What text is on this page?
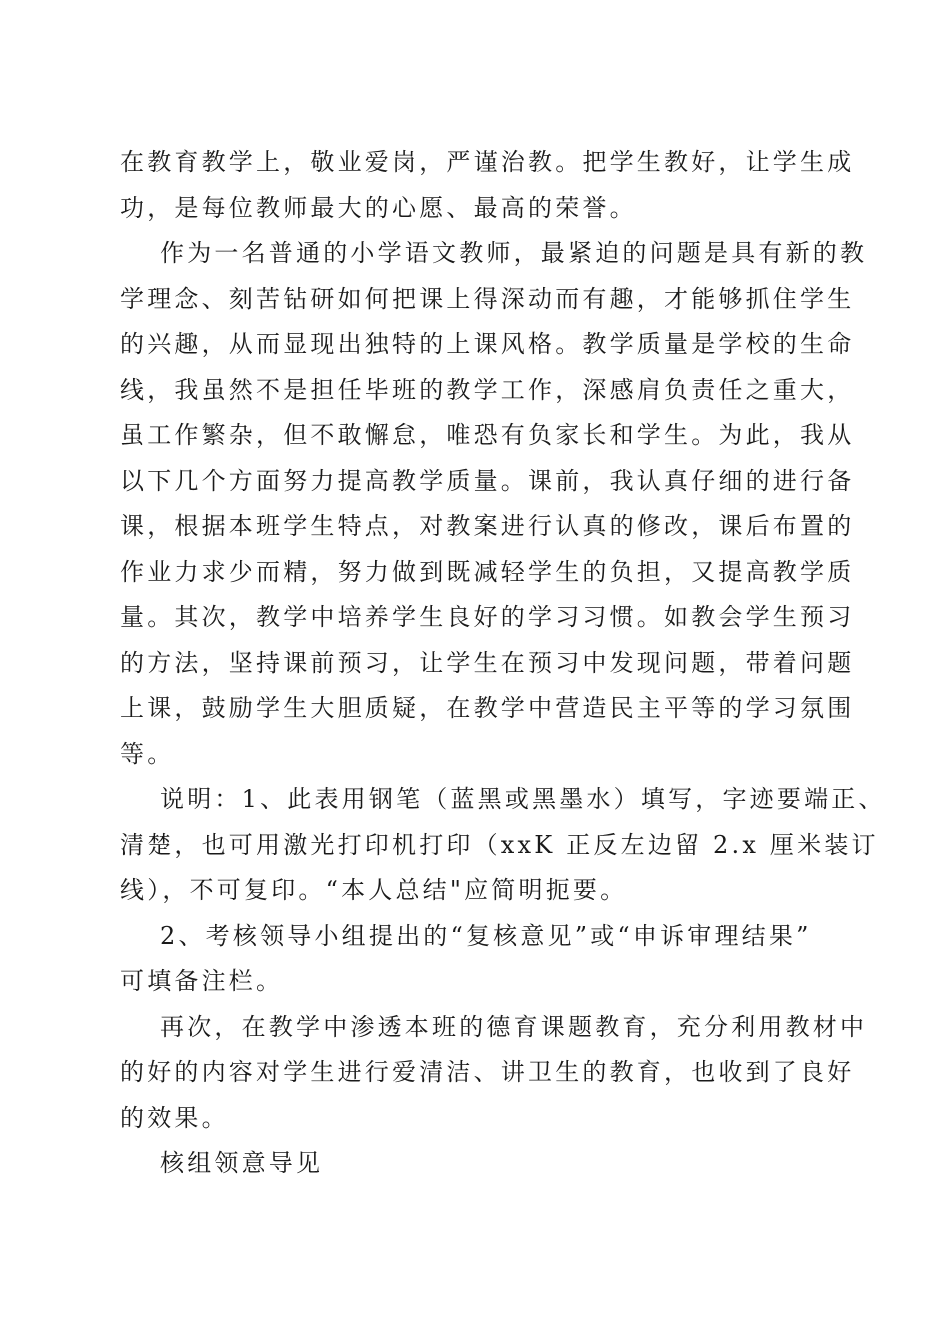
在教育教学上，敬业爱岗，严谨治教。把学生教好，让学生成
功，是每位教师最大的心愿、最高的荣誉。
作为一名普通的小学语文教师，最紧迫的问题是具有新的教
学理念、刻苦钻研如何把课上得深动而有趣，才能够抓住学生
的兴趣，从而显现出独特的上课风格。教学质量是学校的生命
线，我虽然不是担任毕班的教学工作，深感肩负责任之重大，
虽工作繁杂，但不敢懈怠，唯恐有负家长和学生。为此，我从
以下几个方面努力提高教学质量。课前，我认真仔细的进行备
课，根据本班学生特点，对教案进行认真的修改，课后布置的
作业力求少而精，努力做到既减轻学生的负担，又提高教学质
量。其次，教学中培养学生良好的学习习惯。如教会学生预习
的方法，坚持课前预习，让学生在预习中发现问题，带着问题
上课，鼓励学生大胆质疑，在教学中营造民主平等的学习氛围
等。
说明：1、此表用钢笔（蓝黑或黑墨水）填写，字迹要端正、
清楚，也可用激光打印机打印（xxK 正反左边留 2.x 厘米装订
线），不可复印。“本人总结"应简明扼要。
2、考核领导小组提出的“复核意见”或“申诉审理结果”
可填备注栏。
再次，在教学中渗透本班的德育课题教育，充分利用教材中
的好的内容对学生进行爱清洁、讲卫生的教育，也收到了良好
的效果。
核组领意导见
